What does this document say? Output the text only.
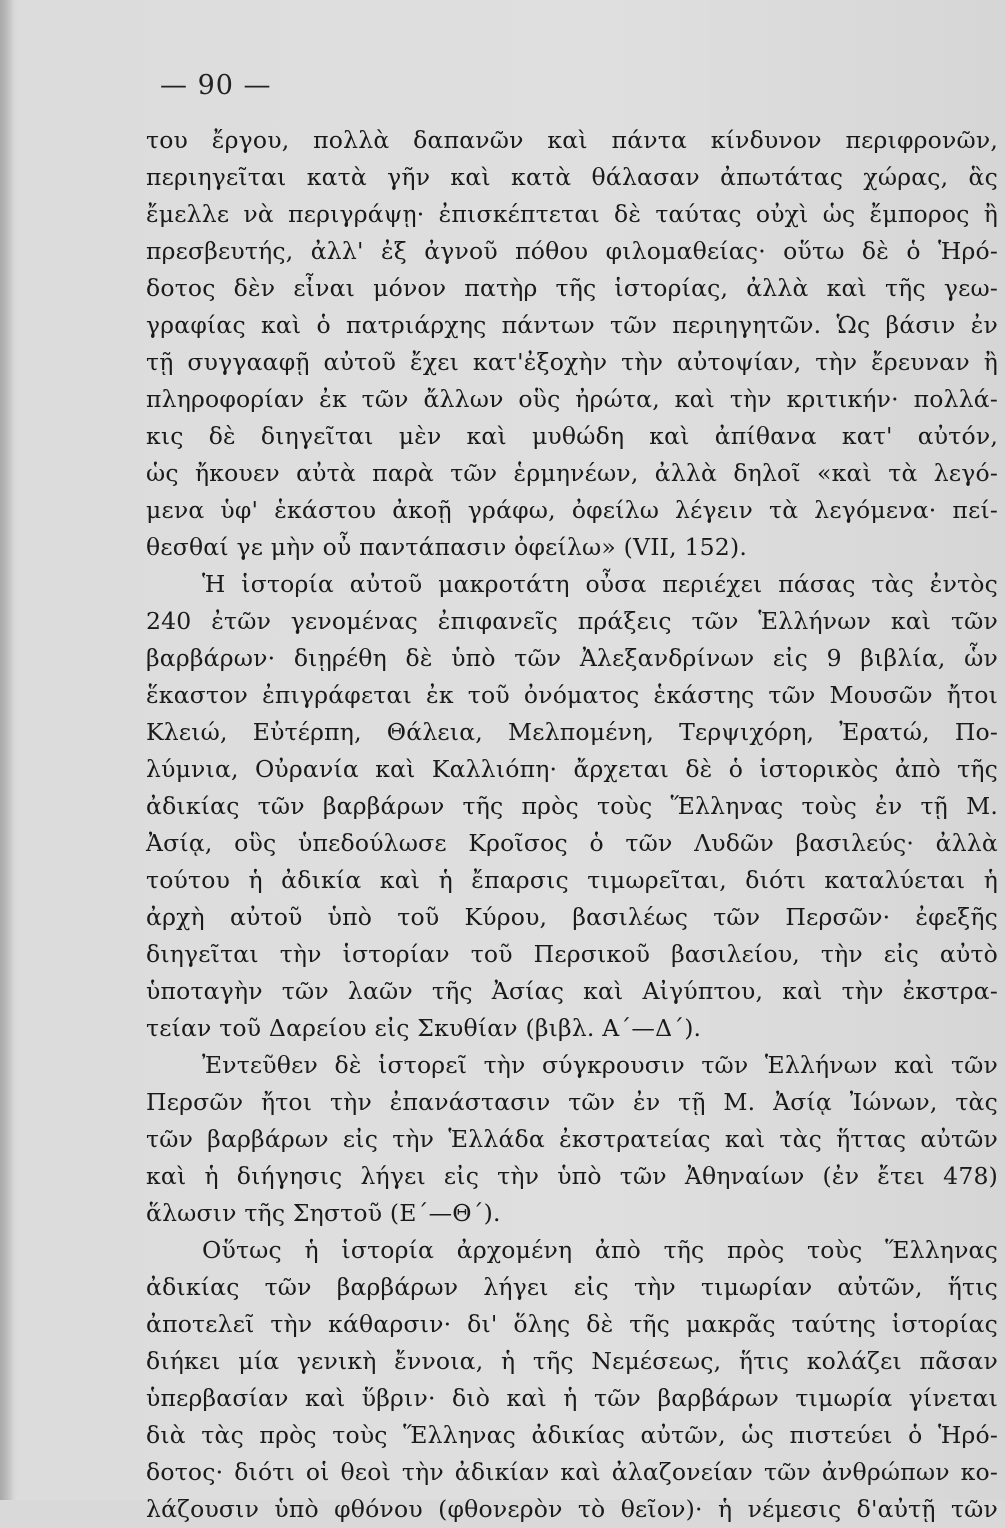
— 90 —
του ἔργου, πολλὰ δαπανῶν καὶ πάντα κίνδυνον περιφρονῶν,
περιηγεῖται κατὰ γῆν καὶ κατὰ θάλασαν ἀπωτάτας χώρας, ἃς
ἔμελλε νὰ περιγράψῃ· ἐπισκέπτεται δὲ ταύτας οὐχὶ ὡς ἔμπορος ἢ
πρεσβευτής, ἀλλ' ἐξ ἀγνοῦ πόθου φιλομαθείας· οὕτω δὲ ὁ Ἡρό-
δοτος δὲν εἶναι μόνον πατὴρ τῆς ἱστορίας, ἀλλὰ καὶ τῆς γεω-
γραφίας καὶ ὁ πατριάρχης πάντων τῶν περιηγητῶν. Ὡς βάσιν ἐν
τῇ συγγααφῇ αὐτοῦ ἔχει κατ'ἐξοχὴν τὴν αὐτοψίαν, τὴν ἔρευναν ἢ
πληροφορίαν ἐκ τῶν ἄλλων οὓς ἠρώτα, καὶ τὴν κριτικήν· πολλά-
κις δὲ διηγεῖται μὲν καὶ μυθώδη καὶ ἀπίθανα κατ' αὐτόν,
ὡς ἤκουεν αὐτὰ παρὰ τῶν ἑρμηνέων, ἀλλὰ δηλοῖ «καὶ τὰ λεγό-
μενα ὑφ' ἑκάστου ἀκοῇ γράφω, ὀφείλω λέγειν τὰ λεγόμενα· πεί-
θεσθαί γε μὴν οὖ παντάπασιν ὀφείλω» (VII, 152).
Ἡ ἱστορία αὐτοῦ μακροτάτη οὖσα περιέχει πάσας τὰς ἐντὸς
240 ἐτῶν γενομένας ἐπιφανεῖς πράξεις τῶν Ἑλλήνων καὶ τῶν
βαρβάρων· διῃρέθη δὲ ὑπὸ τῶν Ἀλεξανδρίνων εἰς 9 βιβλία, ὧν
ἕκαστον ἐπιγράφεται ἐκ τοῦ ὀνόματος ἑκάστης τῶν Μουσῶν ἤτοι
Κλειώ, Εὐτέρπη, Θάλεια, Μελπομένη, Τερψιχόρη, Ἐρατώ, Πο-
λύμνια, Οὐρανία καὶ Καλλιόπη· ἄρχεται δὲ ὁ ἱστορικὸς ἀπὸ τῆς
ἀδικίας τῶν βαρβάρων τῆς πρὸς τοὺς Ἕλληνας τοὺς ἐν τῇ Μ.
Ἀσίᾳ, οὓς ὑπεδούλωσε Κροῖσος ὁ τῶν Λυδῶν βασιλεύς· ἀλλὰ
τούτου ἡ ἀδικία καὶ ἡ ἔπαρσις τιμωρεῖται, διότι καταλύεται ἡ
ἀρχὴ αὐτοῦ ὑπὸ τοῦ Κύρου, βασιλέως τῶν Περσῶν· ἐφεξῆς
διηγεῖται τὴν ἱστορίαν τοῦ Περσικοῦ βασιλείου, τὴν εἰς αὐτὸ
ὑποταγὴν τῶν λαῶν τῆς Ἀσίας καὶ Αἰγύπτου, καὶ τὴν ἐκστρα-
τείαν τοῦ Δαρείου εἰς Σκυθίαν (βιβλ. Α΄—Δ΄).
Ἐντεῦθεν δὲ ἱστορεῖ τὴν σύγκρουσιν τῶν Ἑλλήνων καὶ τῶν
Περσῶν ἤτοι τὴν ἐπανάστασιν τῶν ἐν τῇ Μ. Ἀσίᾳ Ἰώνων, τὰς
τῶν βαρβάρων εἰς τὴν Ἑλλάδα ἐκστρατείας καὶ τὰς ἥττας αὐτῶν
καὶ ἡ διήγησις λήγει εἰς τὴν ὑπὸ τῶν Ἀθηναίων (ἐν ἔτει 478)
ἅλωσιν τῆς Σηστοῦ (Ε΄—Θ΄).
Οὕτως ἡ ἱστορία ἀρχομένη ἀπὸ τῆς πρὸς τοὺς Ἕλληνας
ἀδικίας τῶν βαρβάρων λήγει εἰς τὴν τιμωρίαν αὐτῶν, ἥτις
ἀποτελεῖ τὴν κάθαρσιν· δι' ὅλης δὲ τῆς μακρᾶς ταύτης ἱστορίας
διήκει μία γενικὴ ἔννοια, ἡ τῆς Νεμέσεως, ἥτις κολάζει πᾶσαν
ὑπερβασίαν καὶ ὕβριν· διὸ καὶ ἡ τῶν βαρβάρων τιμωρία γίνεται
διὰ τὰς πρὸς τοὺς Ἕλληνας ἀδικίας αὐτῶν, ὡς πιστεύει ὁ Ἡρό-
δοτος· διότι οἱ θεοὶ τὴν ἀδικίαν καὶ ἀλαζονείαν τῶν ἀνθρώπων κο-
λάζουσιν ὑπὸ φθόνου (φθονερὸν τὸ θεῖον)· ἡ νέμεσις δ'αὐτῇ τῶν
